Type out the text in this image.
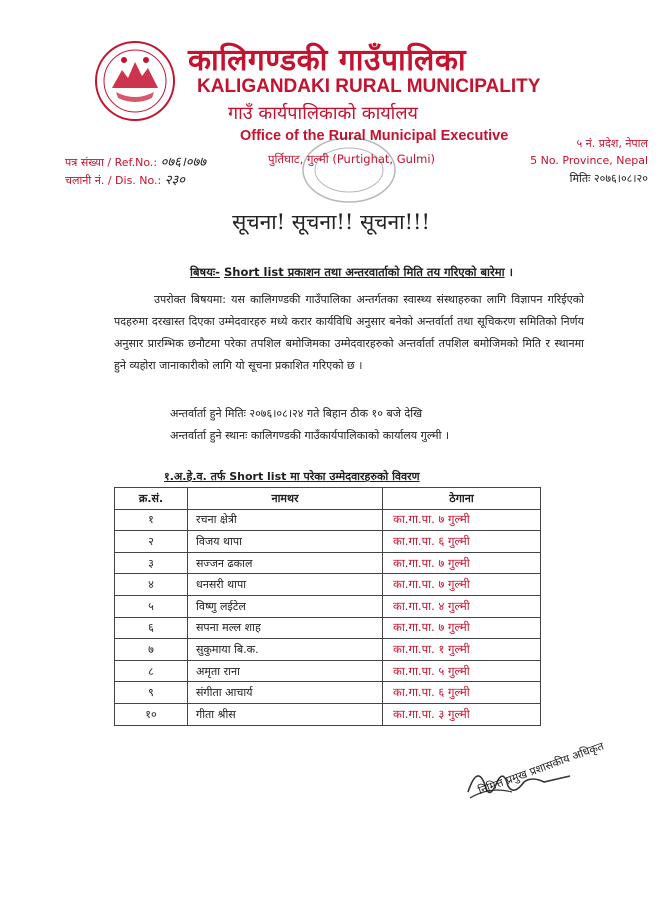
कालिगण्डकी गाउँपालिका
KALIGANDAKI RURAL MUNICIPALITY
गाउँ कार्यपालिकाको कार्यालय
Office of the Rural Municipal Executive
पुर्तिघाट, गुल्मी (Purtighat, Gulmi)
पत्र संख्या / Ref.No.: ०७६।०७७
चलानी नं. / Dis. No.: २३०
५ नं. प्रदेश, नेपाल
5 No. Province, Nepal
मितिः २०७६।०८।२०
सूचना! सूचना!! सूचना!!!
बिषयः- Short list प्रकाशन तथा अन्तरवार्ताको मिति तय गरिएको बारेमा ।
उपरोक्त बिषयमा: यस कालिगण्डकी गाउँपालिका अन्तर्गतका स्वास्थ्य संस्थाहरुका लागि विज्ञापन गरिईएको पदहरुमा दरखास्त दिएका उम्मेदवारहरु मध्ये करार कार्यविधि अनुसार बनेको अन्तर्वार्ता तथा सूचिकरण समितिको निर्णय अनुसार प्रारम्भिक छनौटमा परेका तपशिल बमोजिमका उम्मेदवारहरुको अन्तर्वार्ता तपशिल बमोजिमको मिति र स्थानमा हुने व्यहोरा जानाकारीको लागि यो सूचना प्रकाशित गरिएको छ ।
अन्तर्वार्ता हुने मितिः २०७६।०८।२४ गते बिहान ठीक १० बजे देखि
अन्तर्वार्ता हुने स्थानः कालिगण्डकी गाउँकार्यपालिकाको कार्यालय गुल्मी ।
१.अ.हे.व. तर्फ Short list मा परेका उम्मेदवारहरुको विवरण
क्र.सं.	नामथर	ठेगाना
१	रचना क्षेत्री	का.गा.पा. ७ गुल्मी
२	विजय थापा	का.गा.पा. ६ गुल्मी
३	सज्जन ढकाल	का.गा.पा. ७ गुल्मी
४	धनसरी थापा	का.गा.पा. ७ गुल्मी
५	विष्णु लईटेल	का.गा.पा. ४ गुल्मी
६	सपना मल्ल शाह	का.गा.पा. ७ गुल्मी
७	सुकुमाया बि.क.	का.गा.पा. १ गुल्मी
८	अमृता राना	का.गा.पा. ५ गुल्मी
९	संगीता आचार्य	का.गा.पा. ६ गुल्मी
१०	गीता श्रीस	का.गा.पा. ३ गुल्मी
निमित्त प्रमुख प्रशासकीय अधिकृत
